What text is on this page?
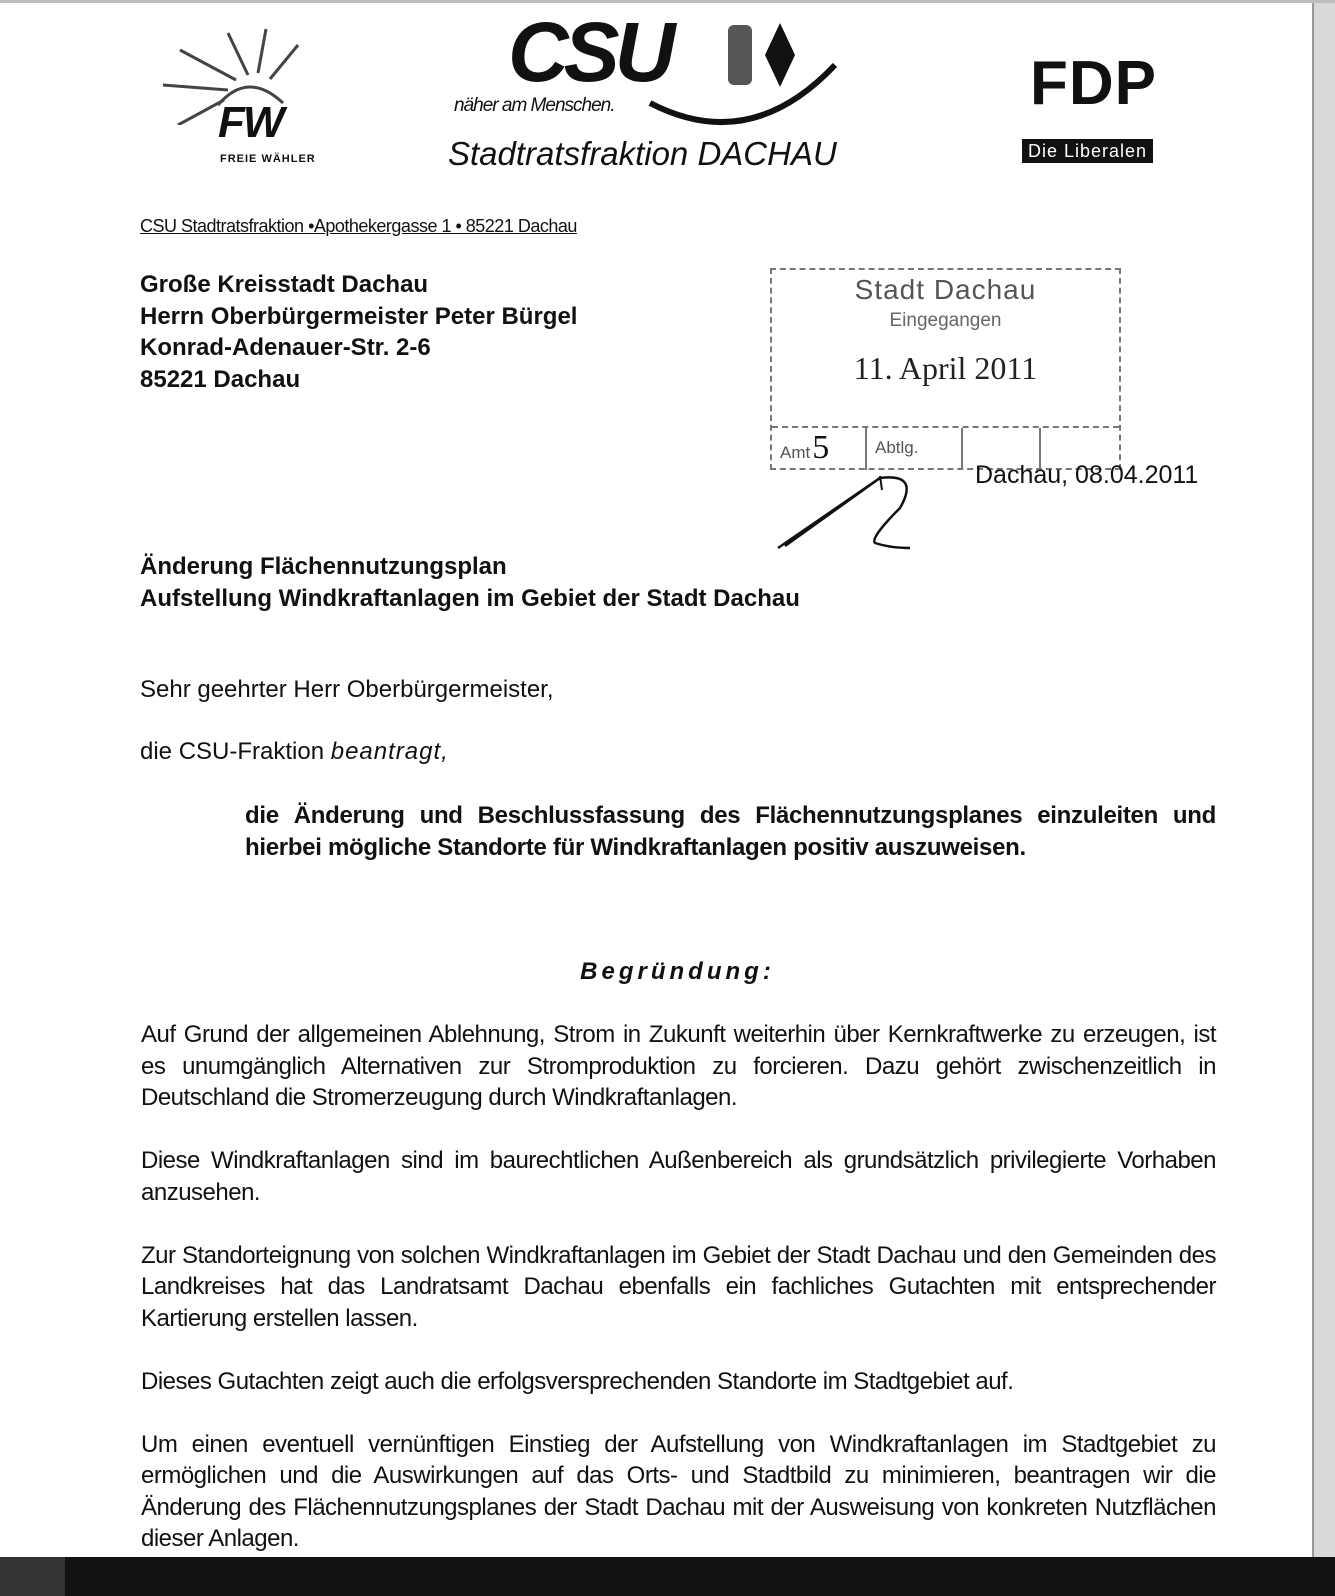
FW
FREIE WÄHLER
CSU
näher am Menschen.
Stadtratsfraktion DACHAU
FDP
Die Liberalen
CSU Stadtratsfraktion •Apothekergasse 1 • 85221 Dachau
Große Kreisstadt Dachau
Herrn Oberbürgermeister Peter Bürgel
Konrad-Adenauer-Str. 2-6
85221 Dachau
Stadt Dachau
Eingegangen
11. April 2011
Amt5	Abtlg.
Dachau, 08.04.2011
Änderung Flächennutzungsplan
Aufstellung Windkraftanlagen im Gebiet der Stadt Dachau
Sehr geehrter Herr Oberbürgermeister,
die CSU-Fraktion beantragt,
die Änderung und Beschlussfassung des Flächennutzungsplanes einzuleiten und hierbei mögliche Standorte für Windkraftanlagen positiv auszuweisen.
Begründung:

Auf Grund der allgemeinen Ablehnung, Strom in Zukunft weiterhin über Kernkraftwerke zu erzeugen, ist es unumgänglich Alternativen zur Stromproduktion zu forcieren. Dazu gehört zwischenzeitlich in Deutschland die Stromerzeugung durch Windkraftanlagen.

Diese Windkraftanlagen sind im baurechtlichen Außenbereich als grundsätzlich privilegierte Vorhaben anzusehen.

Zur Standorteignung von solchen Windkraftanlagen im Gebiet der Stadt Dachau und den Gemeinden des Landkreises hat das Landratsamt Dachau ebenfalls ein fachliches Gutachten mit entsprechender Kartierung erstellen lassen.

Dieses Gutachten zeigt auch die erfolgsversprechenden Standorte im Stadtgebiet auf.

Um einen eventuell vernünftigen Einstieg der Aufstellung von Windkraftanlagen im Stadtgebiet zu ermöglichen und die Auswirkungen auf das Orts- und Stadtbild zu minimieren, beantragen wir die Änderung des Flächennutzungsplanes der Stadt Dachau mit der Ausweisung von konkreten Nutzflächen dieser Anlagen.
